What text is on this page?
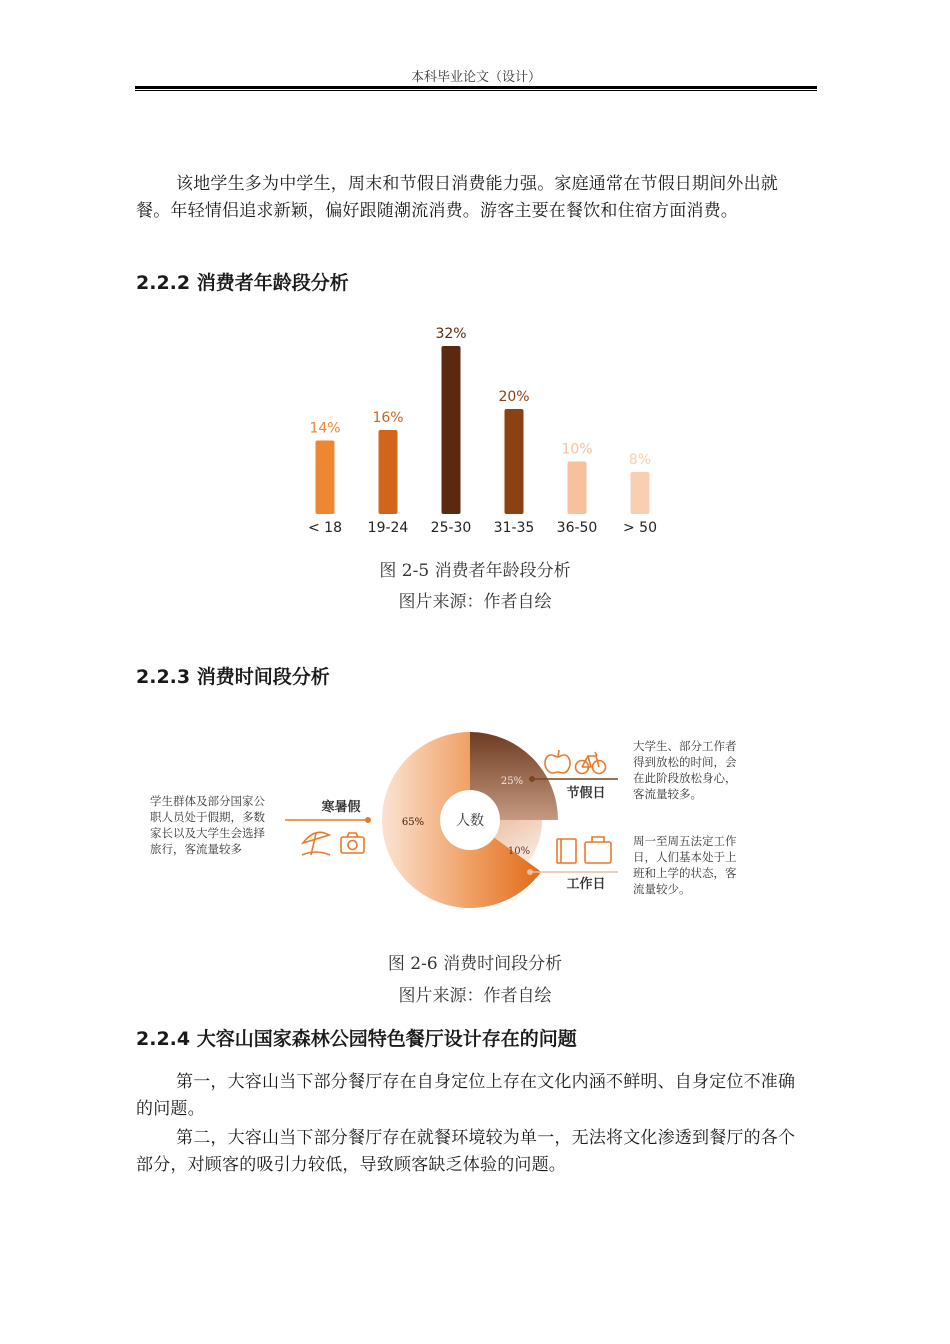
本科毕业论文（设计）

该地学生多为中学生，周末和节假日消费能力强。家庭通常在节假日期间外出就餐。年轻情侣追求新颖，偏好跟随潮流消费。游客主要在餐饮和住宿方面消费。

2.2.2 消费者年龄段分析
14%
< 18
16%
19-24
32%
25-30
20%
31-35
10%
36-50
8%
> 50
图 2-5 消费者年龄段分析
图片来源：作者自绘
2.2.3 消费时间段分析
人数
65%
25%
10%
寒暑假
节假日
工作日
学生群体及部分国家公
职人员处于假期，多数
家长以及大学生会选择
旅行，客流量较多
大学生、部分工作者
得到放松的时间，会
在此阶段放松身心，
客流量较多。
周一至周五法定工作
日，人们基本处于上
班和上学的状态，客
流量较少。
图 2-6 消费时间段分析
图片来源：作者自绘
2.2.4 大容山国家森林公园特色餐厅设计存在的问题

第一，大容山当下部分餐厅存在自身定位上存在文化内涵不鲜明、自身定位不准确的问题。

第二，大容山当下部分餐厅存在就餐环境较为单一，无法将文化渗透到餐厅的各个部分，对顾客的吸引力较低，导致顾客缺乏体验的问题。
